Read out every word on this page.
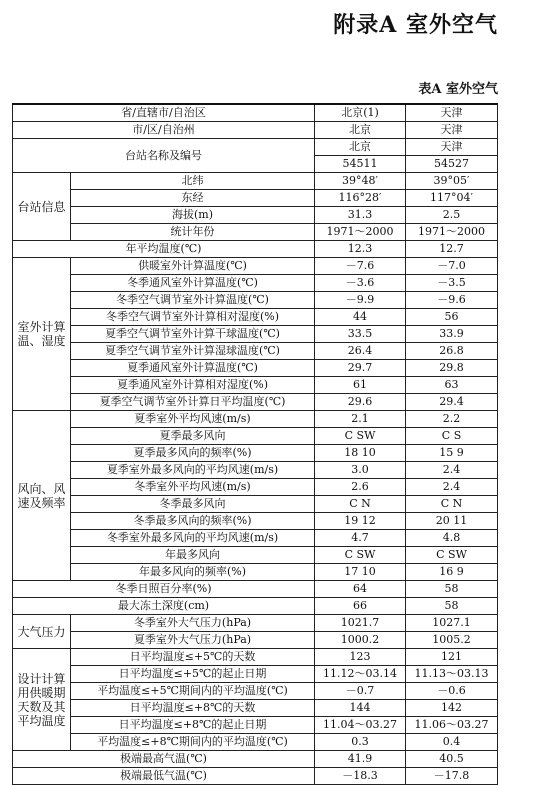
附录A 室外空气
表A 室外空气
省/直辖市/自治区		北京(1)	天津
市/区/自治州		北京	天津
台站名称及编号		北京	天津
		54511	54527
台站信息	北纬	39°48′	39°05′
	东经	116°28′	117°04′
	海拔(m)	31.3	2.5
	统计年份	1971～2000	1971～2000
年平均温度(℃)		12.3	12.7
室外计算温、湿度	供暖室外计算温度(℃)	－7.6	－7.0
	冬季通风室外计算温度(℃)	－3.6	－3.5
	冬季空气调节室外计算温度(℃)	－9.9	－9.6
	冬季空气调节室外计算相对湿度(%)	44	56
	夏季空气调节室外计算干球温度(℃)	33.5	33.9
	夏季空气调节室外计算湿球温度(℃)	26.4	26.8
	夏季通风室外计算温度(℃)	29.7	29.8
	夏季通风室外计算相对湿度(%)	61	63
	夏季空气调节室外计算日平均温度(℃)	29.6	29.4
风向、风速及频率	夏季室外平均风速(m/s)	2.1	2.2
	夏季最多风向	C SW	C S
	夏季最多风向的频率(%)	18 10	15 9
	夏季室外最多风向的平均风速(m/s)	3.0	2.4
	冬季室外平均风速(m/s)	2.6	2.4
	冬季最多风向	C N	C N
	冬季最多风向的频率(%)	19 12	20 11
	冬季室外最多风向的平均风速(m/s)	4.7	4.8
	年最多风向	C SW	C SW
	年最多风向的频率(%)	17 10	16 9
冬季日照百分率(%)		64	58
最大冻土深度(cm)		66	58
大气压力	冬季室外大气压力(hPa)	1021.7	1027.1
	夏季室外大气压力(hPa)	1000.2	1005.2
设计计算用供暖期天数及其平均温度	日平均温度≤+5℃的天数	123	121
	日平均温度≤+5℃的起止日期	11.12～03.14	11.13～03.13
	平均温度≤+5℃期间内的平均温度(℃)	－0.7	－0.6
	日平均温度≤+8℃的天数	144	142
	日平均温度≤+8℃的起止日期	11.04～03.27	11.06～03.27
	平均温度≤+8℃期间内的平均温度(℃)	0.3	0.4
极端最高气温(℃)		41.9	40.5
极端最低气温(℃)		－18.3	－17.8
